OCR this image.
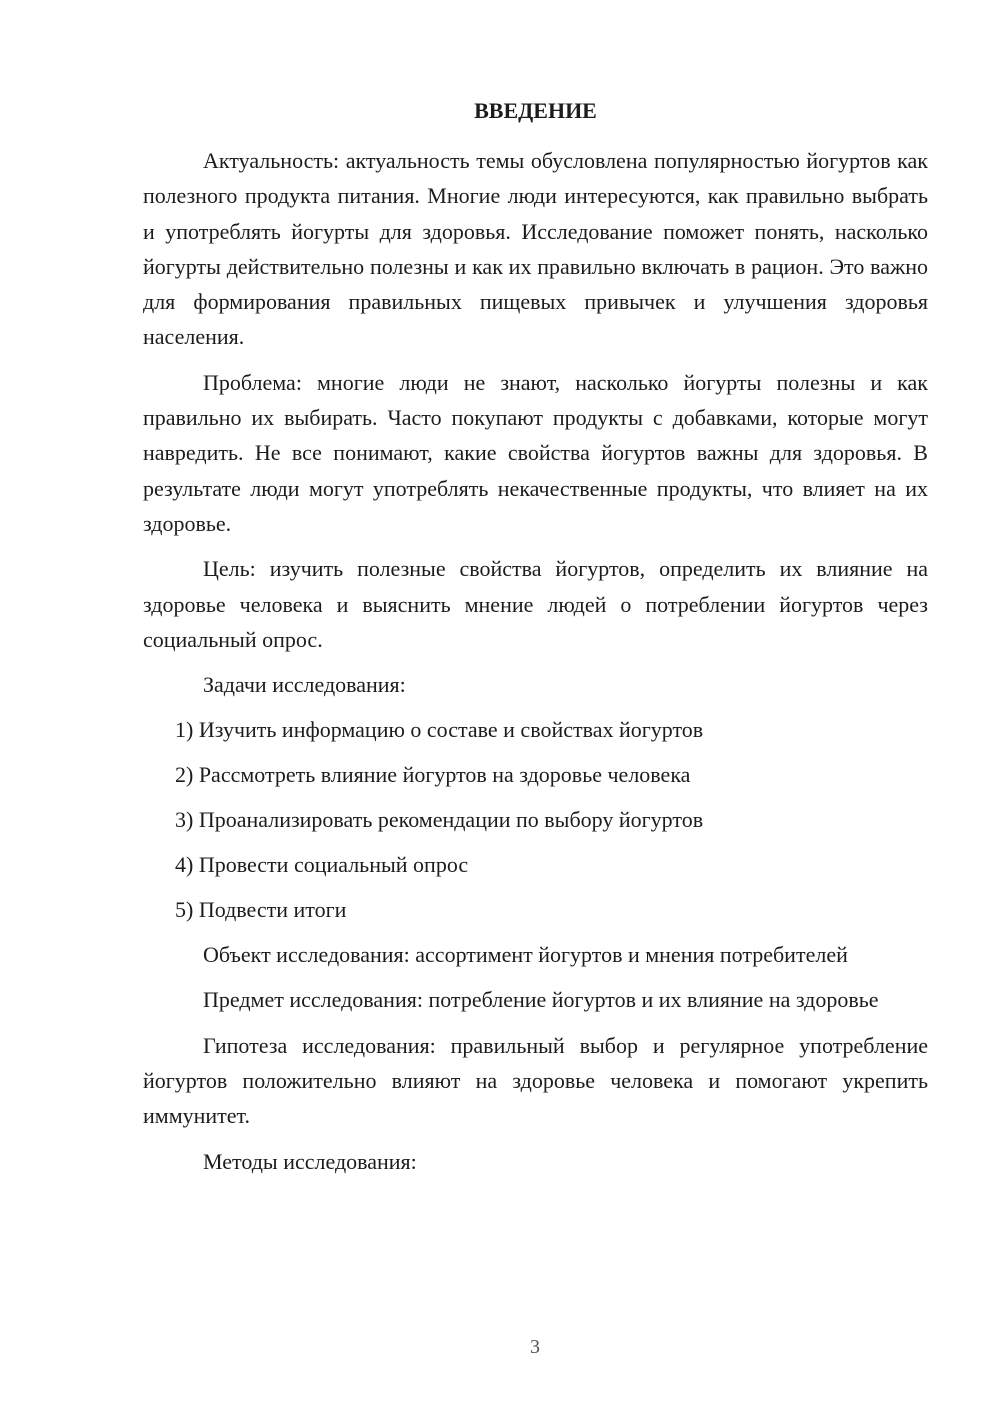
ВВЕДЕНИЕ

Актуальность: актуальность темы обусловлена популярностью йогуртов как полезного продукта питания. Многие люди интересуются, как правильно выбрать и употреблять йогурты для здоровья. Исследование поможет понять, насколько йогурты действительно полезны и как их правильно включать в рацион. Это важно для формирования правильных пищевых привычек и улучшения здоровья населения.

Проблема: многие люди не знают, насколько йогурты полезны и как правильно их выбирать. Часто покупают продукты с добавками, которые могут навредить. Не все понимают, какие свойства йогуртов важны для здоровья. В результате люди могут употреблять некачественные продукты, что влияет на их здоровье.

Цель: изучить полезные свойства йогуртов, определить их влияние на здоровье человека и выяснить мнение людей о потреблении йогуртов через социальный опрос.

Задачи исследования:

1) Изучить информацию о составе и свойствах йогуртов
2) Рассмотреть влияние йогуртов на здоровье человека
3) Проанализировать рекомендации по выбору йогуртов
4) Провести социальный опрос
5) Подвести итоги

Объект исследования: ассортимент йогуртов и мнения потребителей

Предмет исследования: потребление йогуртов и их влияние на здоровье

Гипотеза исследования: правильный выбор и регулярное употребление йогуртов положительно влияют на здоровье человека и помогают укрепить иммунитет.

Методы исследования:

3
